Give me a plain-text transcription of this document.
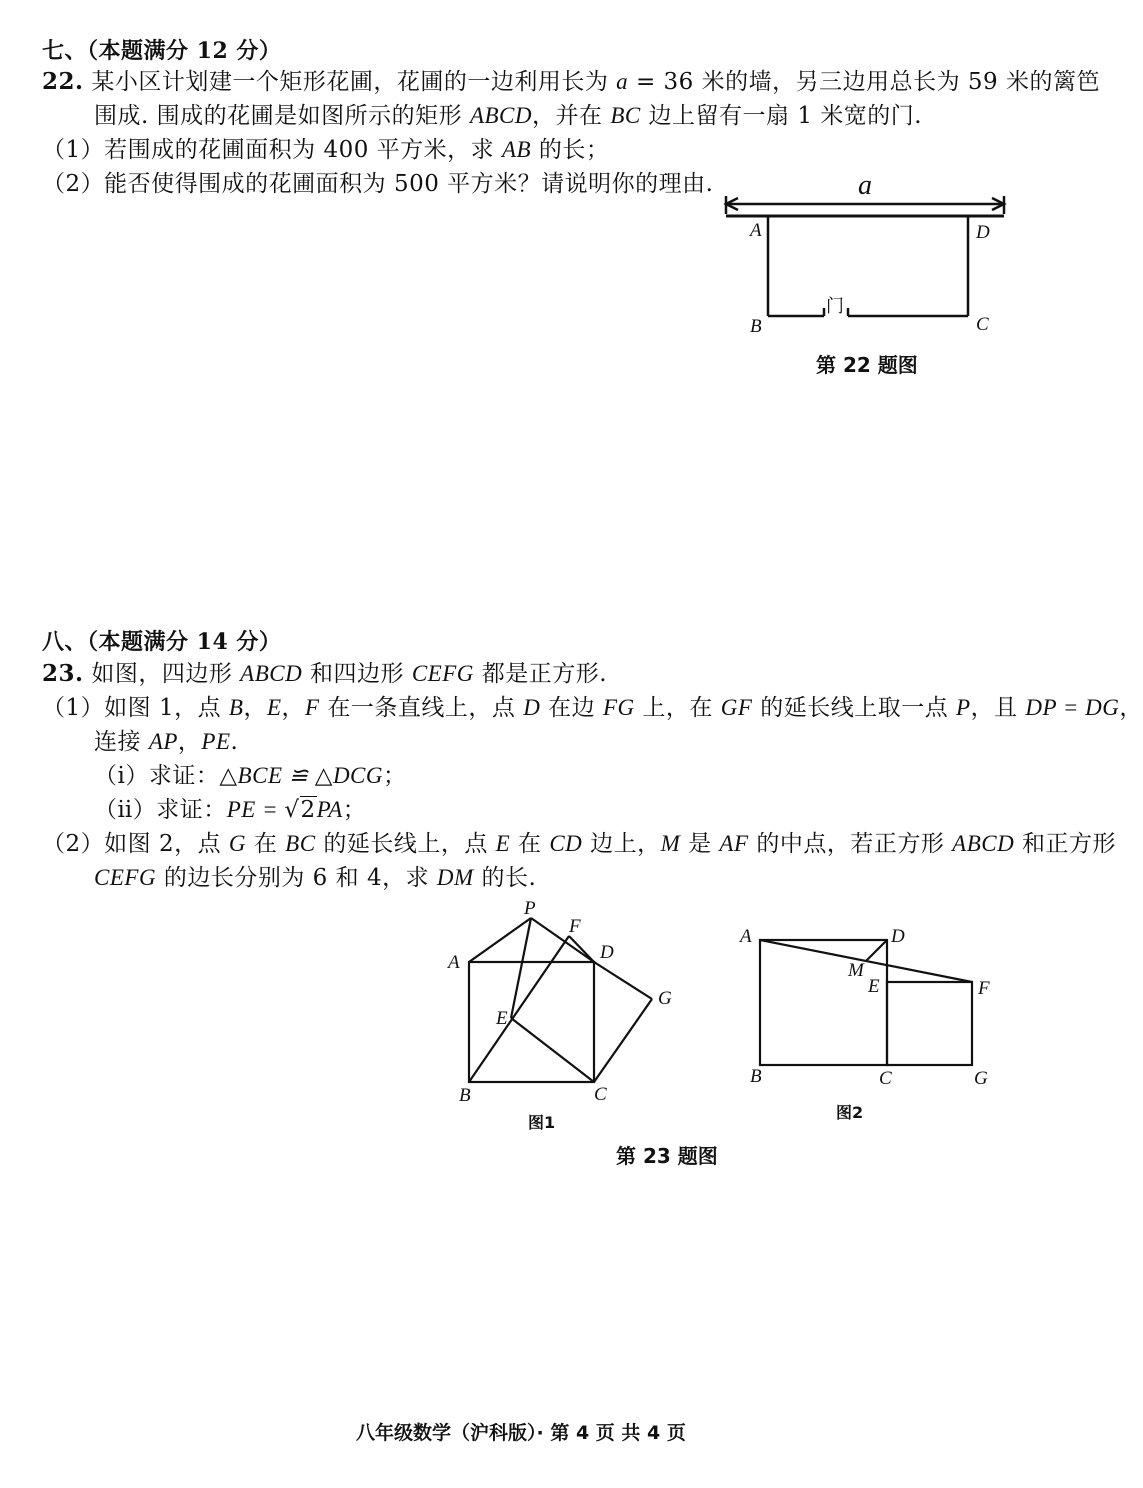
七、（本题满分 12 分）
22. 某小区计划建一个矩形花圃，花圃的一边利用长为 a = 36 米的墙，另三边用总长为 59 米的篱笆
围成. 围成的花圃是如图所示的矩形 ABCD，并在 BC 边上留有一扇 1 米宽的门.
（1）若围成的花圃面积为 400 平方米，求 AB 的长；
（2）能否使得围成的花圃面积为 500 平方米？请说明你的理由.	a
A	D
B	C
门
第 22 题图
八、（本题满分 14 分）
23. 如图，四边形 ABCD 和四边形 CEFG 都是正方形.
（1）如图 1，点 B，E，F 在一条直线上，点 D 在边 FG 上，在 GF 的延长线上取一点 P，且 DP = DG，
连接 AP，PE.
（ⅰ）求证：△BCE ≌ △DCG；
（ⅱ）求证：PE = √2PA；
（2）如图 2，点 G 在 BC 的延长线上，点 E 在 CD 边上，M 是 AF 的中点，若正方形 ABCD 和正方形
CEFG 的边长分别为 6 和 4，求 DM 的长.
P
F
A	D
G
E
B	C
图1
A	D
M
E	F
B	C	G
图2
第 23 题图
八年级数学（沪科版）· 第 4 页 共 4 页
